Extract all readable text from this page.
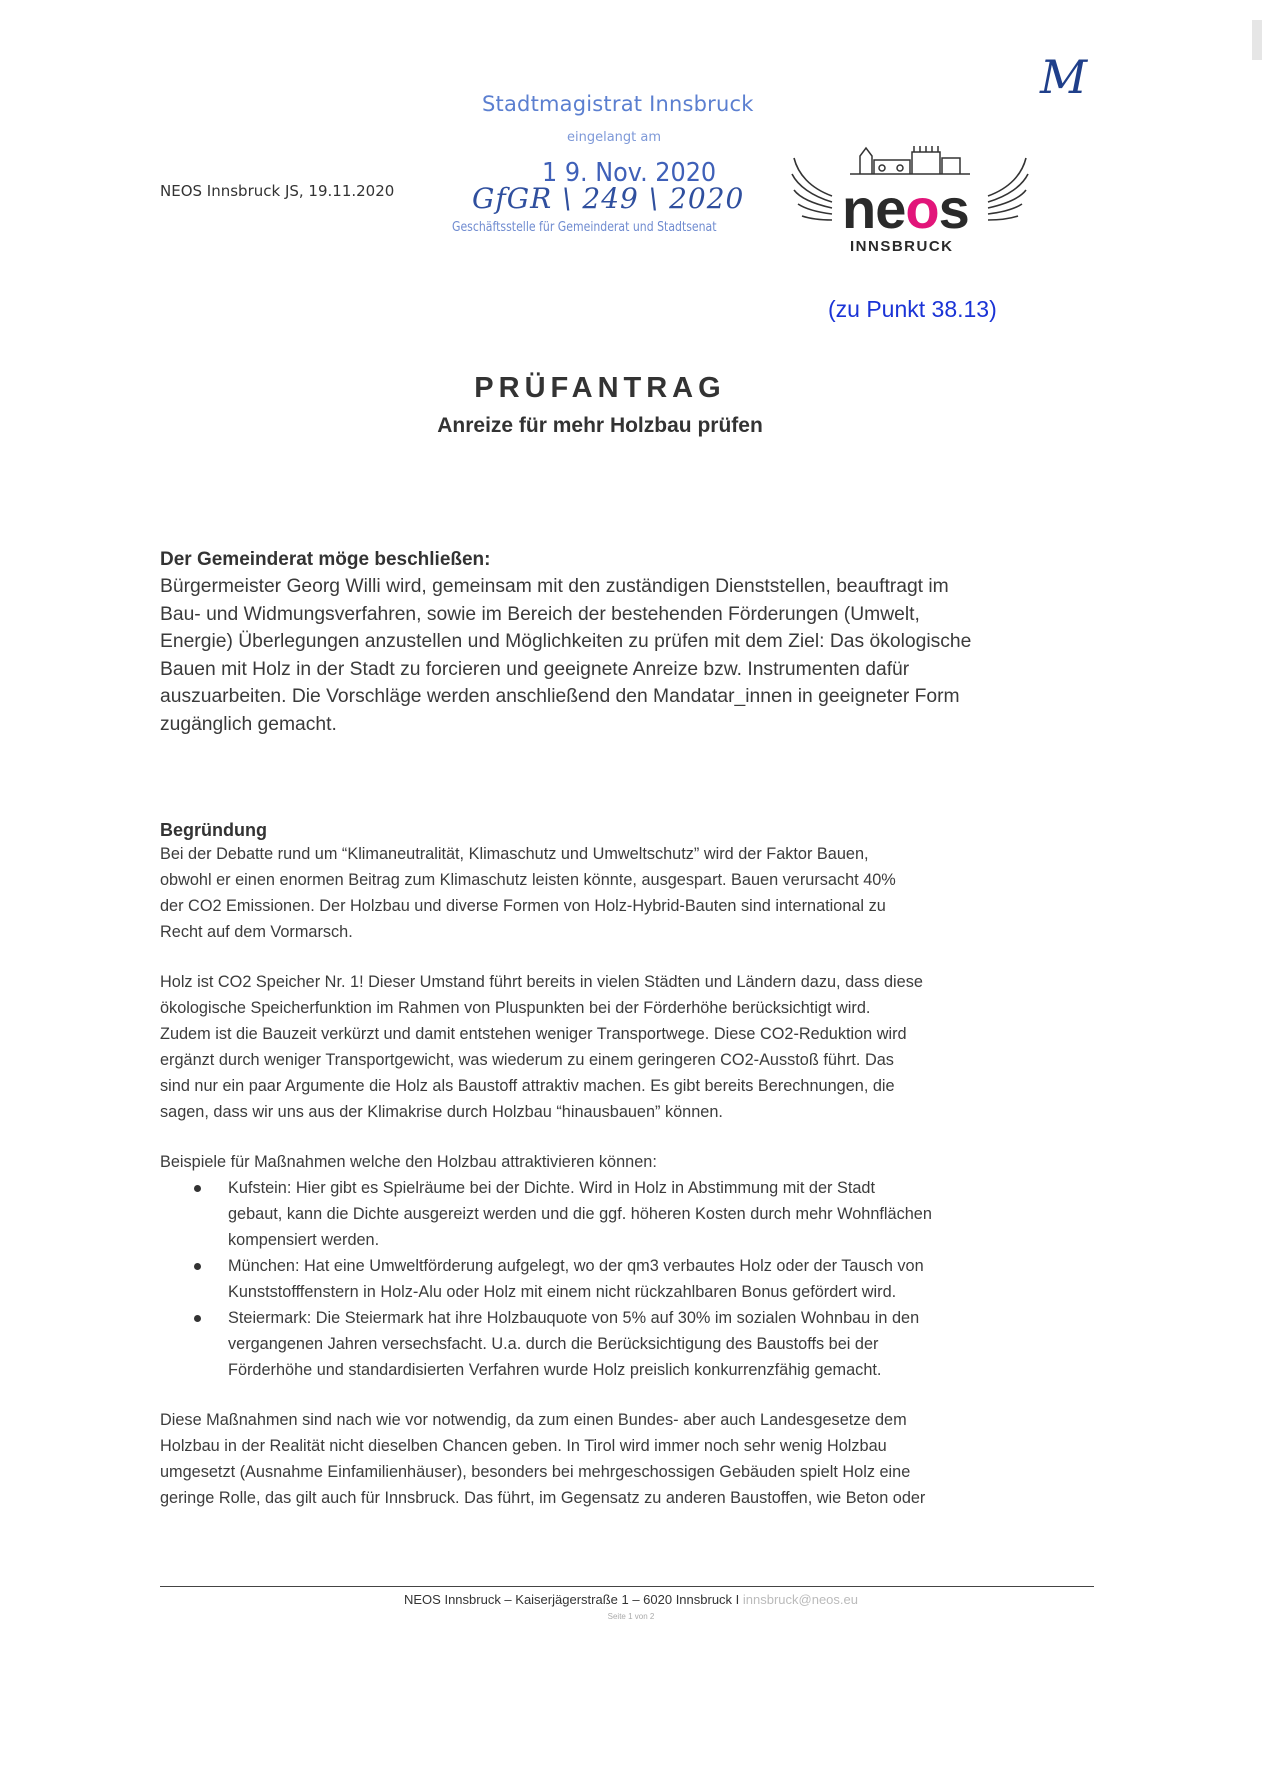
M
NEOS Innsbruck JS, 19.11.2020
Stadtmagistrat Innsbruck
eingelangt am
1 9. Nov. 2020
GfGR \ 249 \ 2020
Geschäftsstelle für Gemeinderat und Stadtsenat neos
INNSBRUCK
(zu Punkt 38.13)
PRÜFANTRAG
Anreize für mehr Holzbau prüfen
Der Gemeinderat möge beschließen:

Bürgermeister Georg Willi wird, gemeinsam mit den zuständigen Dienststellen, beauftragt im
Bau- und Widmungsverfahren, sowie im Bereich der bestehenden Förderungen (Umwelt,
Energie) Überlegungen anzustellen und Möglichkeiten zu prüfen mit dem Ziel: Das ökologische
Bauen mit Holz in der Stadt zu forcieren und geeignete Anreize bzw. Instrumenten dafür
auszuarbeiten. Die Vorschläge werden anschließend den Mandatar_innen in geeigneter Form
zugänglich gemacht.

Begründung

Bei der Debatte rund um “Klimaneutralität, Klimaschutz und Umweltschutz” wird der Faktor Bauen,
obwohl er einen enormen Beitrag zum Klimaschutz leisten könnte, ausgespart. Bauen verursacht 40%
der CO2 Emissionen. Der Holzbau und diverse Formen von Holz-Hybrid-Bauten sind international zu
Recht auf dem Vormarsch.

Holz ist CO2 Speicher Nr. 1! Dieser Umstand führt bereits in vielen Städten und Ländern dazu, dass diese
ökologische Speicherfunktion im Rahmen von Pluspunkten bei der Förderhöhe berücksichtigt wird.
Zudem ist die Bauzeit verkürzt und damit entstehen weniger Transportwege. Diese CO2-Reduktion wird
ergänzt durch weniger Transportgewicht, was wiederum zu einem geringeren CO2-Ausstoß führt. Das
sind nur ein paar Argumente die Holz als Baustoff attraktiv machen. Es gibt bereits Berechnungen, die
sagen, dass wir uns aus der Klimakrise durch Holzbau “hinausbauen” können.

Beispiele für Maßnahmen welche den Holzbau attraktivieren können:

Kufstein: Hier gibt es Spielräume bei der Dichte. Wird in Holz in Abstimmung mit der Stadt
gebaut, kann die Dichte ausgereizt werden und die ggf. höheren Kosten durch mehr Wohnflächen
kompensiert werden.
München: Hat eine Umweltförderung aufgelegt, wo der qm3 verbautes Holz oder der Tausch von
Kunststofffenstern in Holz-Alu oder Holz mit einem nicht rückzahlbaren Bonus gefördert wird.
Steiermark: Die Steiermark hat ihre Holzbauquote von 5% auf 30% im sozialen Wohnbau in den
vergangenen Jahren versechsfacht. U.a. durch die Berücksichtigung des Baustoffs bei der
Förderhöhe und standardisierten Verfahren wurde Holz preislich konkurrenzfähig gemacht.

Diese Maßnahmen sind nach wie vor notwendig, da zum einen Bundes- aber auch Landesgesetze dem
Holzbau in der Realität nicht dieselben Chancen geben. In Tirol wird immer noch sehr wenig Holzbau
umgesetzt (Ausnahme Einfamilienhäuser), besonders bei mehrgeschossigen Gebäuden spielt Holz eine
geringe Rolle, das gilt auch für Innsbruck. Das führt, im Gegensatz zu anderen Baustoffen, wie Beton oder

NEOS Innsbruck – Kaiserjägerstraße 1 – 6020 Innsbruck I innsbruck@neos.eu
Seite 1 von 2
